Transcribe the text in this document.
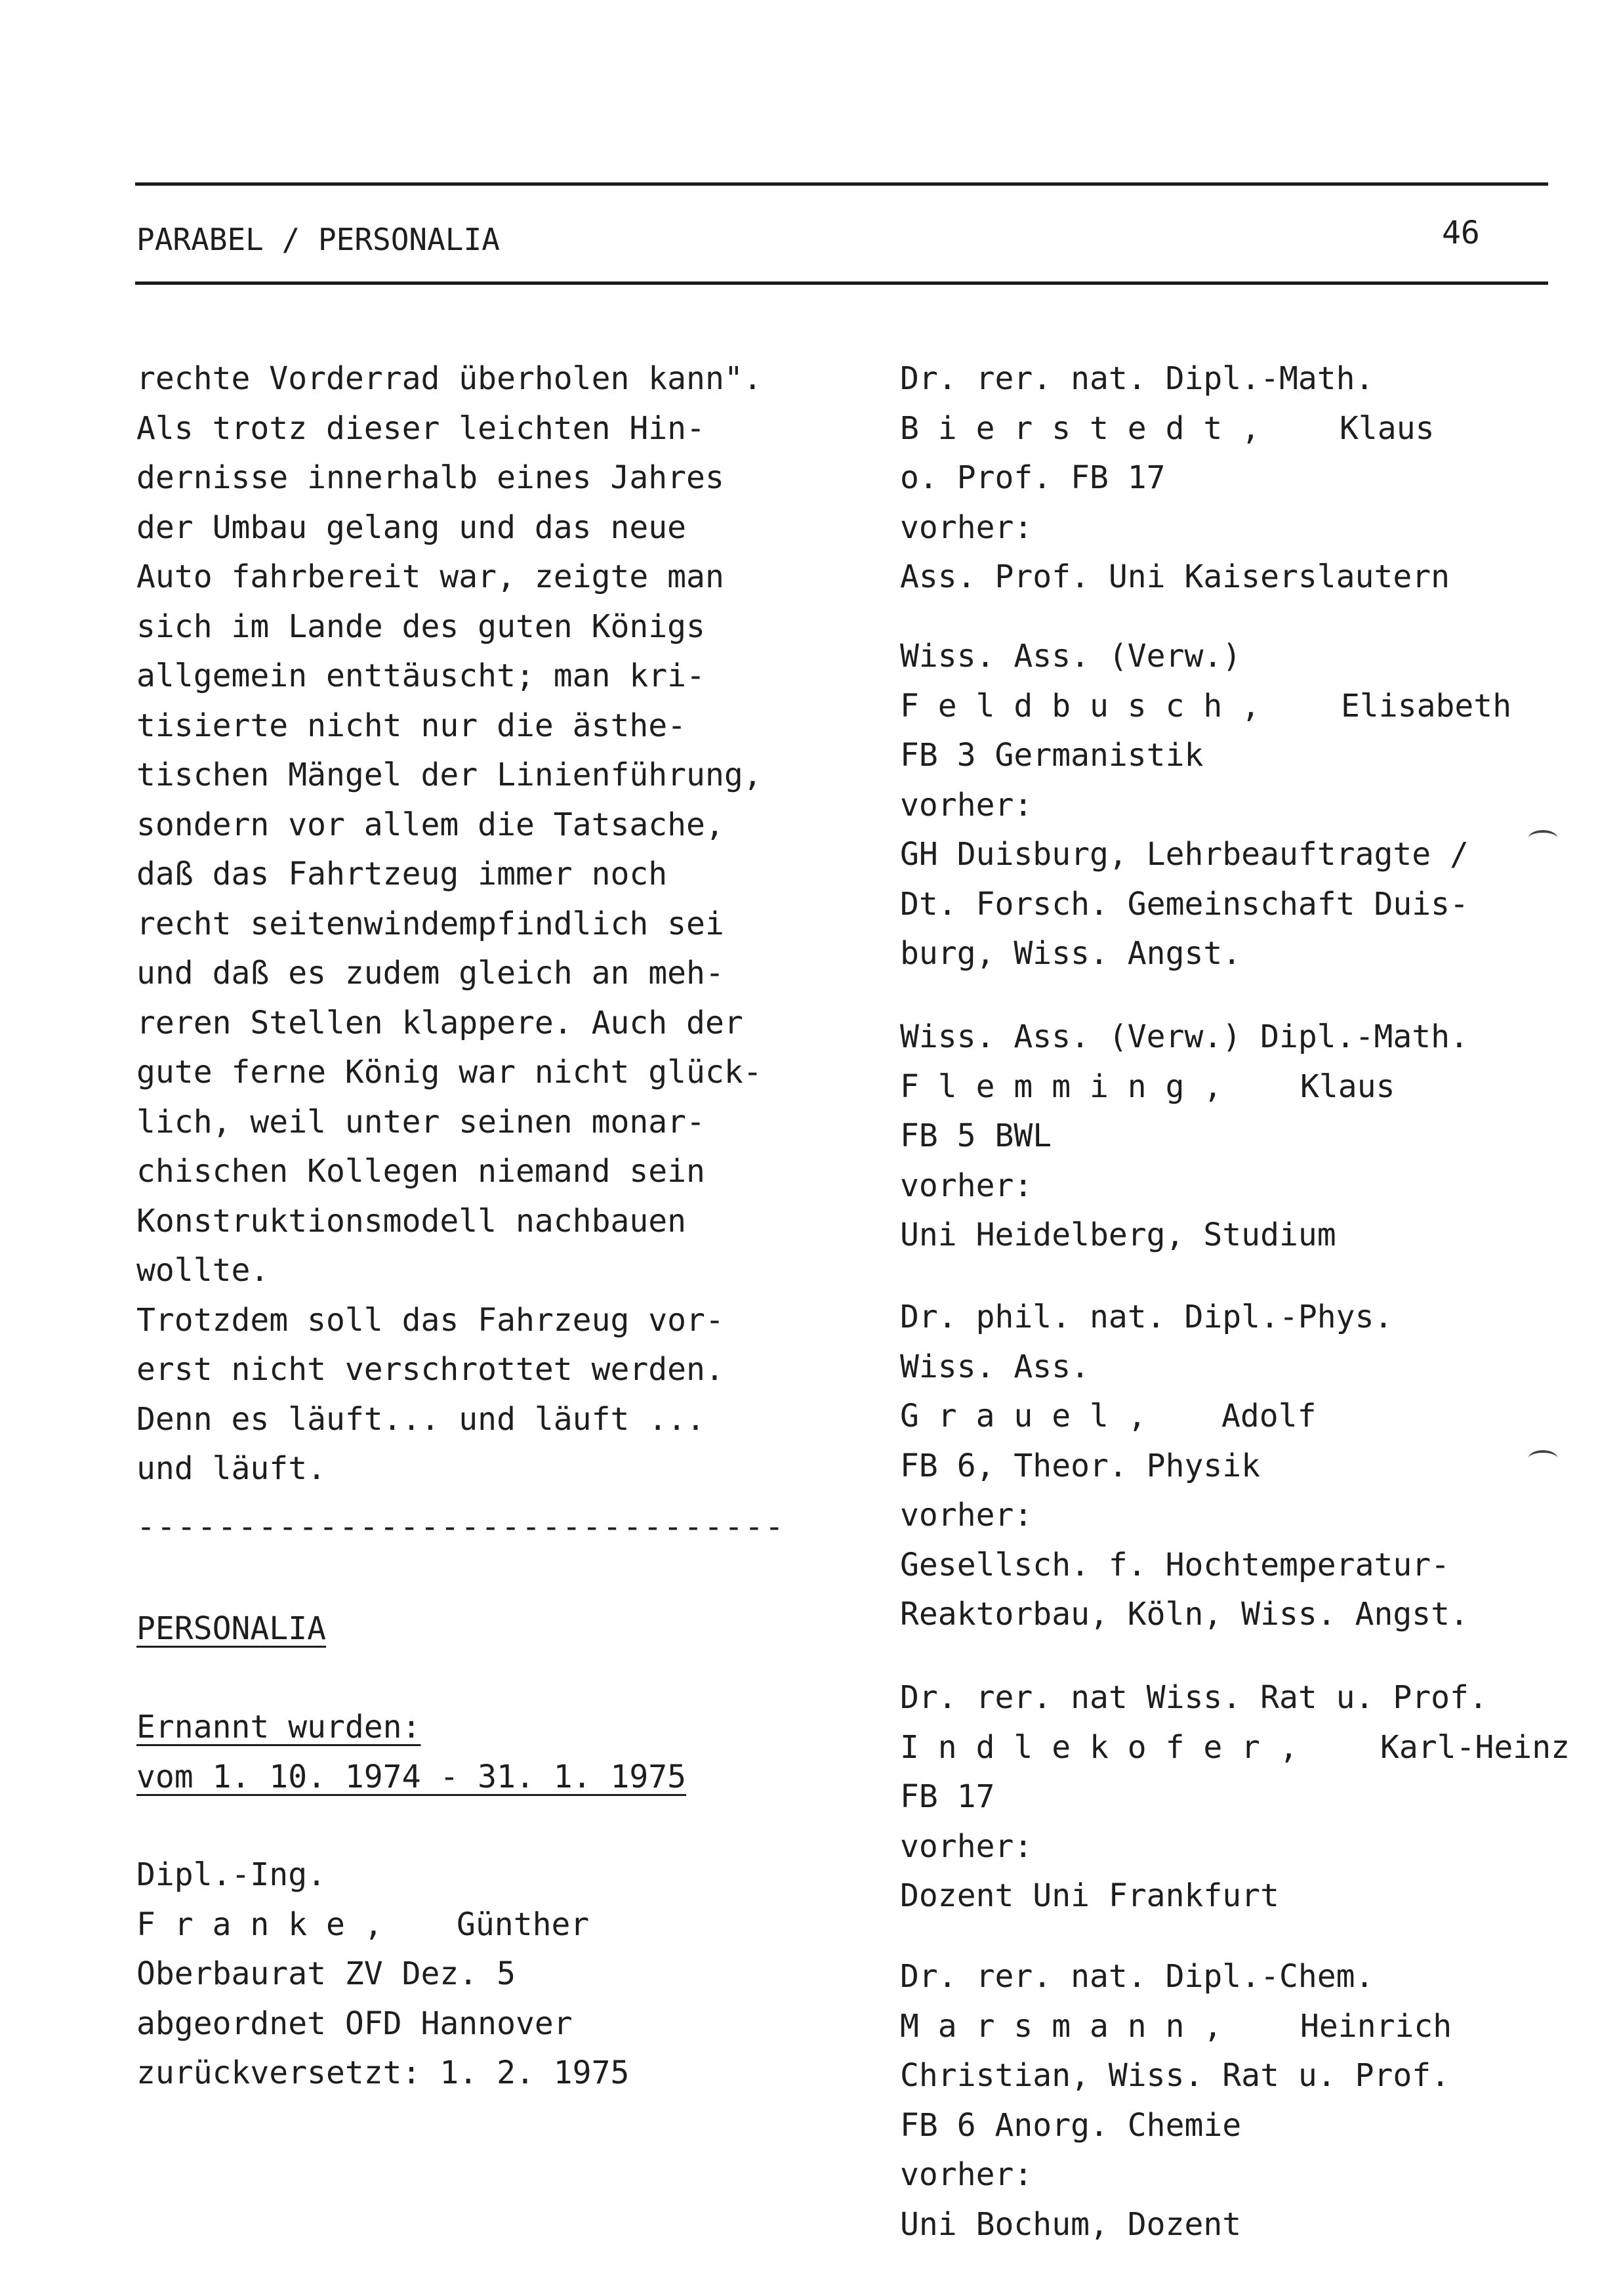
PARABEL / PERSONALIA	46
rechte Vorderrad überholen kann".
Als trotz dieser leichten Hin-
dernisse innerhalb eines Jahres
der Umbau gelang und das neue
Auto fahrbereit war, zeigte man
sich im Lande des guten Königs
allgemein enttäuscht; man kri-
tisierte nicht nur die ästhe-
tischen Mängel der Linienführung,
sondern vor allem die Tatsache,
daß das Fahrtzeug immer noch
recht seitenwindempfindlich sei
und daß es zudem gleich an meh-
reren Stellen klappere. Auch der
gute ferne König war nicht glück-
lich, weil unter seinen monar-
chischen Kollegen niemand sein
Konstruktionsmodell nachbauen
wollte.
Trotzdem soll das Fahrzeug vor-
erst nicht verschrottet werden.
Denn es läuft... und läuft ...
und läuft.
--------------------------------
PERSONALIA
Ernannt wurden:
vom 1. 10. 1974 - 31. 1. 1975
Dipl.-Ing.
F r a n k e ,	Günther
Oberbaurat ZV Dez. 5
abgeordnet OFD Hannover
zurückversetzt: 1. 2. 1975
Dr. rer. nat. Dipl.-Math.
B i e r s t e d t ,	Klaus
o. Prof. FB 17
vorher:
Ass. Prof. Uni Kaiserslautern
Wiss. Ass. (Verw.)
F e l d b u s c h ,	Elisabeth
FB 3 Germanistik
vorher:
GH Duisburg, Lehrbeauftragte /
Dt. Forsch. Gemeinschaft Duis-
burg, Wiss. Angst.
Wiss. Ass. (Verw.) Dipl.-Math.
F l e m m i n g ,	Klaus
FB 5 BWL
vorher:
Uni Heidelberg, Studium
Dr. phil. nat. Dipl.-Phys.
Wiss. Ass.
G r a u e l ,	Adolf
FB 6, Theor. Physik
vorher:
Gesellsch. f. Hochtemperatur-
Reaktorbau, Köln, Wiss. Angst.
Dr. rer. nat Wiss. Rat u. Prof.
I n d l e k o f e r ,	Karl-Heinz
FB 17
vorher:
Dozent Uni Frankfurt
Dr. rer. nat. Dipl.-Chem.
M a r s m a n n ,	Heinrich
Christian, Wiss. Rat u. Prof.
FB 6 Anorg. Chemie
vorher:
Uni Bochum, Dozent
